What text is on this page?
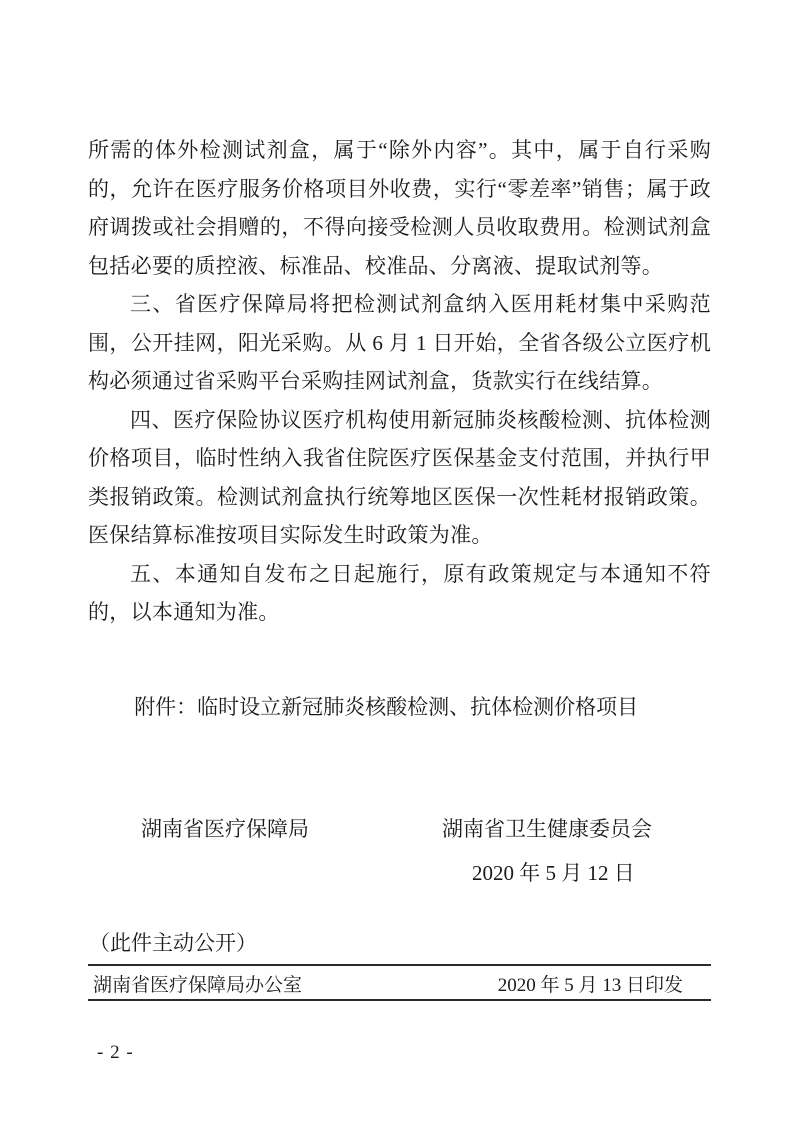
所需的体外检测试剂盒，属于“除外内容”。其中，属于自行采购的，允许在医疗服务价格项目外收费，实行“零差率”销售；属于政府调拨或社会捐赠的，不得向接受检测人员收取费用。检测试剂盒包括必要的质控液、标准品、校准品、分离液、提取试剂等。

三、省医疗保障局将把检测试剂盒纳入医用耗材集中采购范围，公开挂网，阳光采购。从 6 月 1 日开始，全省各级公立医疗机构必须通过省采购平台采购挂网试剂盒，货款实行在线结算。

四、医疗保险协议医疗机构使用新冠肺炎核酸检测、抗体检测价格项目，临时性纳入我省住院医疗医保基金支付范围，并执行甲类报销政策。检测试剂盒执行统筹地区医保一次性耗材报销政策。医保结算标准按项目实际发生时政策为准。

五、本通知自发布之日起施行，原有政策规定与本通知不符的，以本通知为准。

附件：临时设立新冠肺炎核酸检测、抗体检测价格项目
湖南省医疗保障局	湖南省卫生健康委员会
2020 年 5 月 12 日
（此件主动公开）
湖南省医疗保障局办公室	2020 年 5 月 13 日印发
- 2 -
